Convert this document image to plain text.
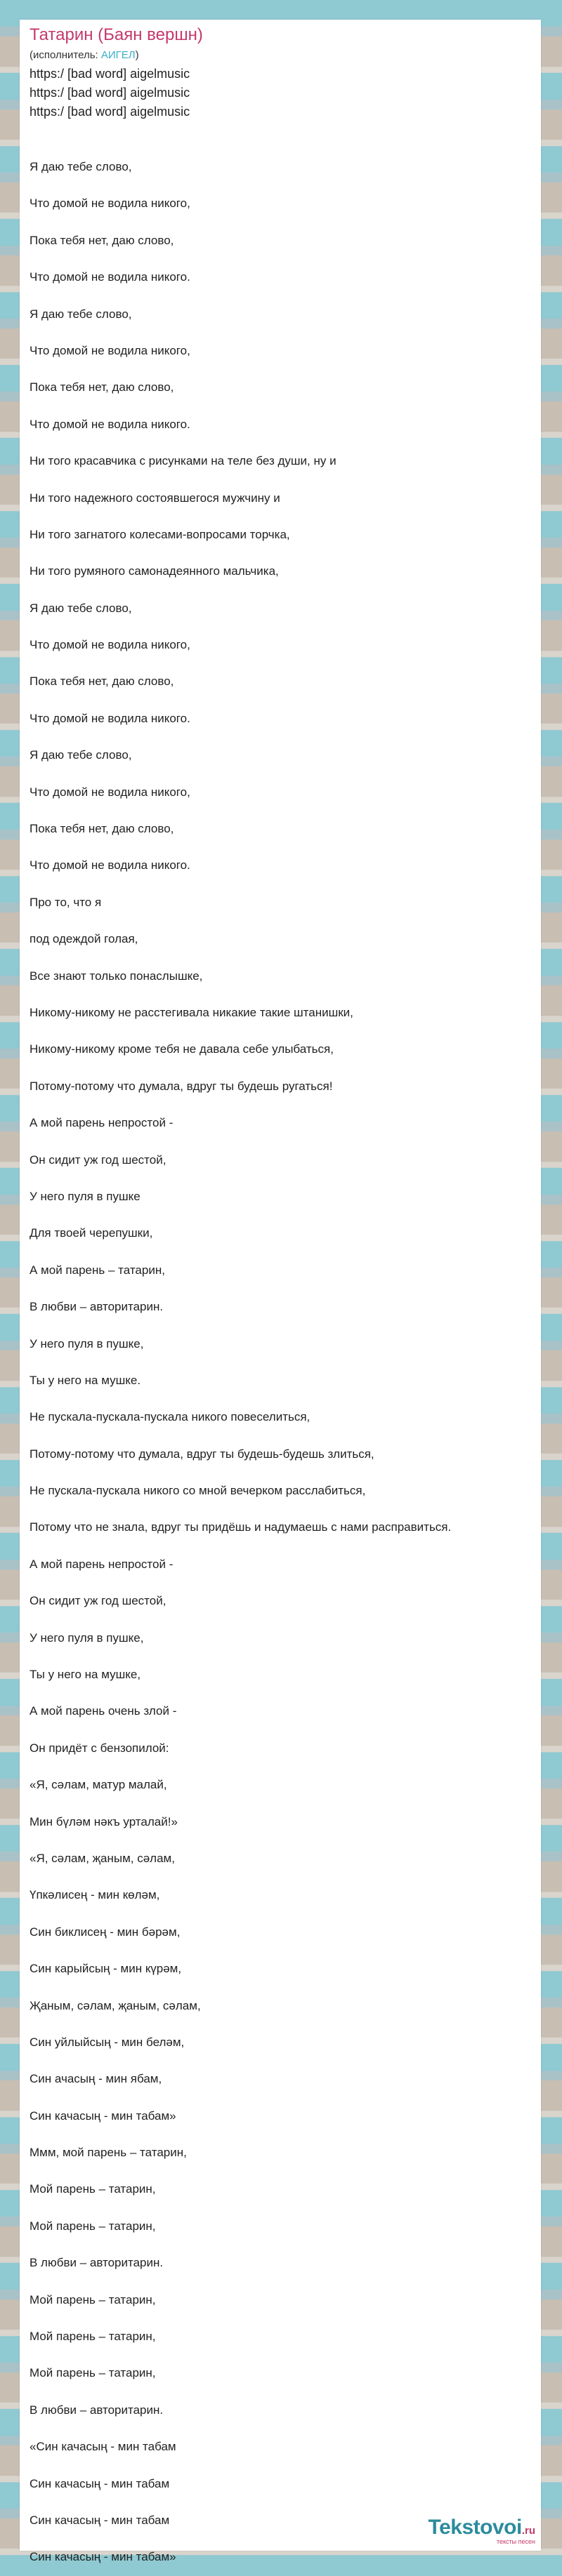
Татарин (Баян вершн)
(исполнитель: АИГЕЛ)
https:/ [bad word] aigelmusic
https:/ [bad word] aigelmusic
https:/ [bad word] aigelmusic
Я даю тебе слово,
Что домой не водила никого,
Пока тебя нет, даю слово,
Что домой не водила никого.
Я даю тебе слово,
Что домой не водила никого,
Пока тебя нет, даю слово,
Что домой не водила никого.
Ни того красавчика с рисунками на теле без души, ну и
Ни того надежного состоявшегося мужчину и
Ни того загнатого колесами-вопросами торчка,
Ни того румяного самонадеянного мальчика,
Я даю тебе слово,
Что домой не водила никого,
Пока тебя нет, даю слово,
Что домой не водила никого.
Я даю тебе слово,
Что домой не водила никого,
Пока тебя нет, даю слово,
Что домой не водила никого.
Про то, что я
под одеждой голая,
Все знают только понаслышке,
Никому-никому не расстегивала никакие такие штанишки,
Никому-никому кроме тебя не давала себе улыбаться,
Потому-потому что думала, вдруг ты будешь ругаться!
А мой парень непростой -
Он сидит уж год шестой,
У него пуля в пушке
Для твоей черепушки,
А мой парень – татарин,
В любви – авторитарин.
У него пуля в пушке,
Ты у него на мушке.
Не пускала-пускала-пускала никого повеселиться,
Потому-потому что думала, вдруг ты будешь-будешь злиться,
Не пускала-пускала никого со мной вечерком расслабиться,
Потому что не знала, вдруг ты придёшь и надумаешь с нами расправиться.
А мой парень непростой -
Он сидит уж год шестой,
У него пуля в пушке,
Ты у него на мушке,
А мой парень очень злой -
Он придёт с бензопилой:
«Я, сәлам, матур малай,
Мин бүләм нәкъ урталай!»
«Я, сәлам, җаным, сәлам,
Үпкәлисең - мин көләм,
Син биклисең - мин бәрәм,
Син карыйсың - мин күрәм,
Җаным, сәлам, җаным, сәлам,
Син уйлыйсың - мин беләм,
Син ачасың - мин ябам,
Син качасың - мин табам»
Ммм, мой парень – татарин,
Мой парень – татарин,
Мой парень – татарин,
В любви – авторитарин.
Мой парень – татарин,
Мой парень – татарин,
Мой парень – татарин,
В любви – авторитарин.
«Син качасың - мин табам
Син качасың - мин табам
Син качасың - мин табам
Син качасың - мин табам»
Tekstovoi.ru
тексты песен
